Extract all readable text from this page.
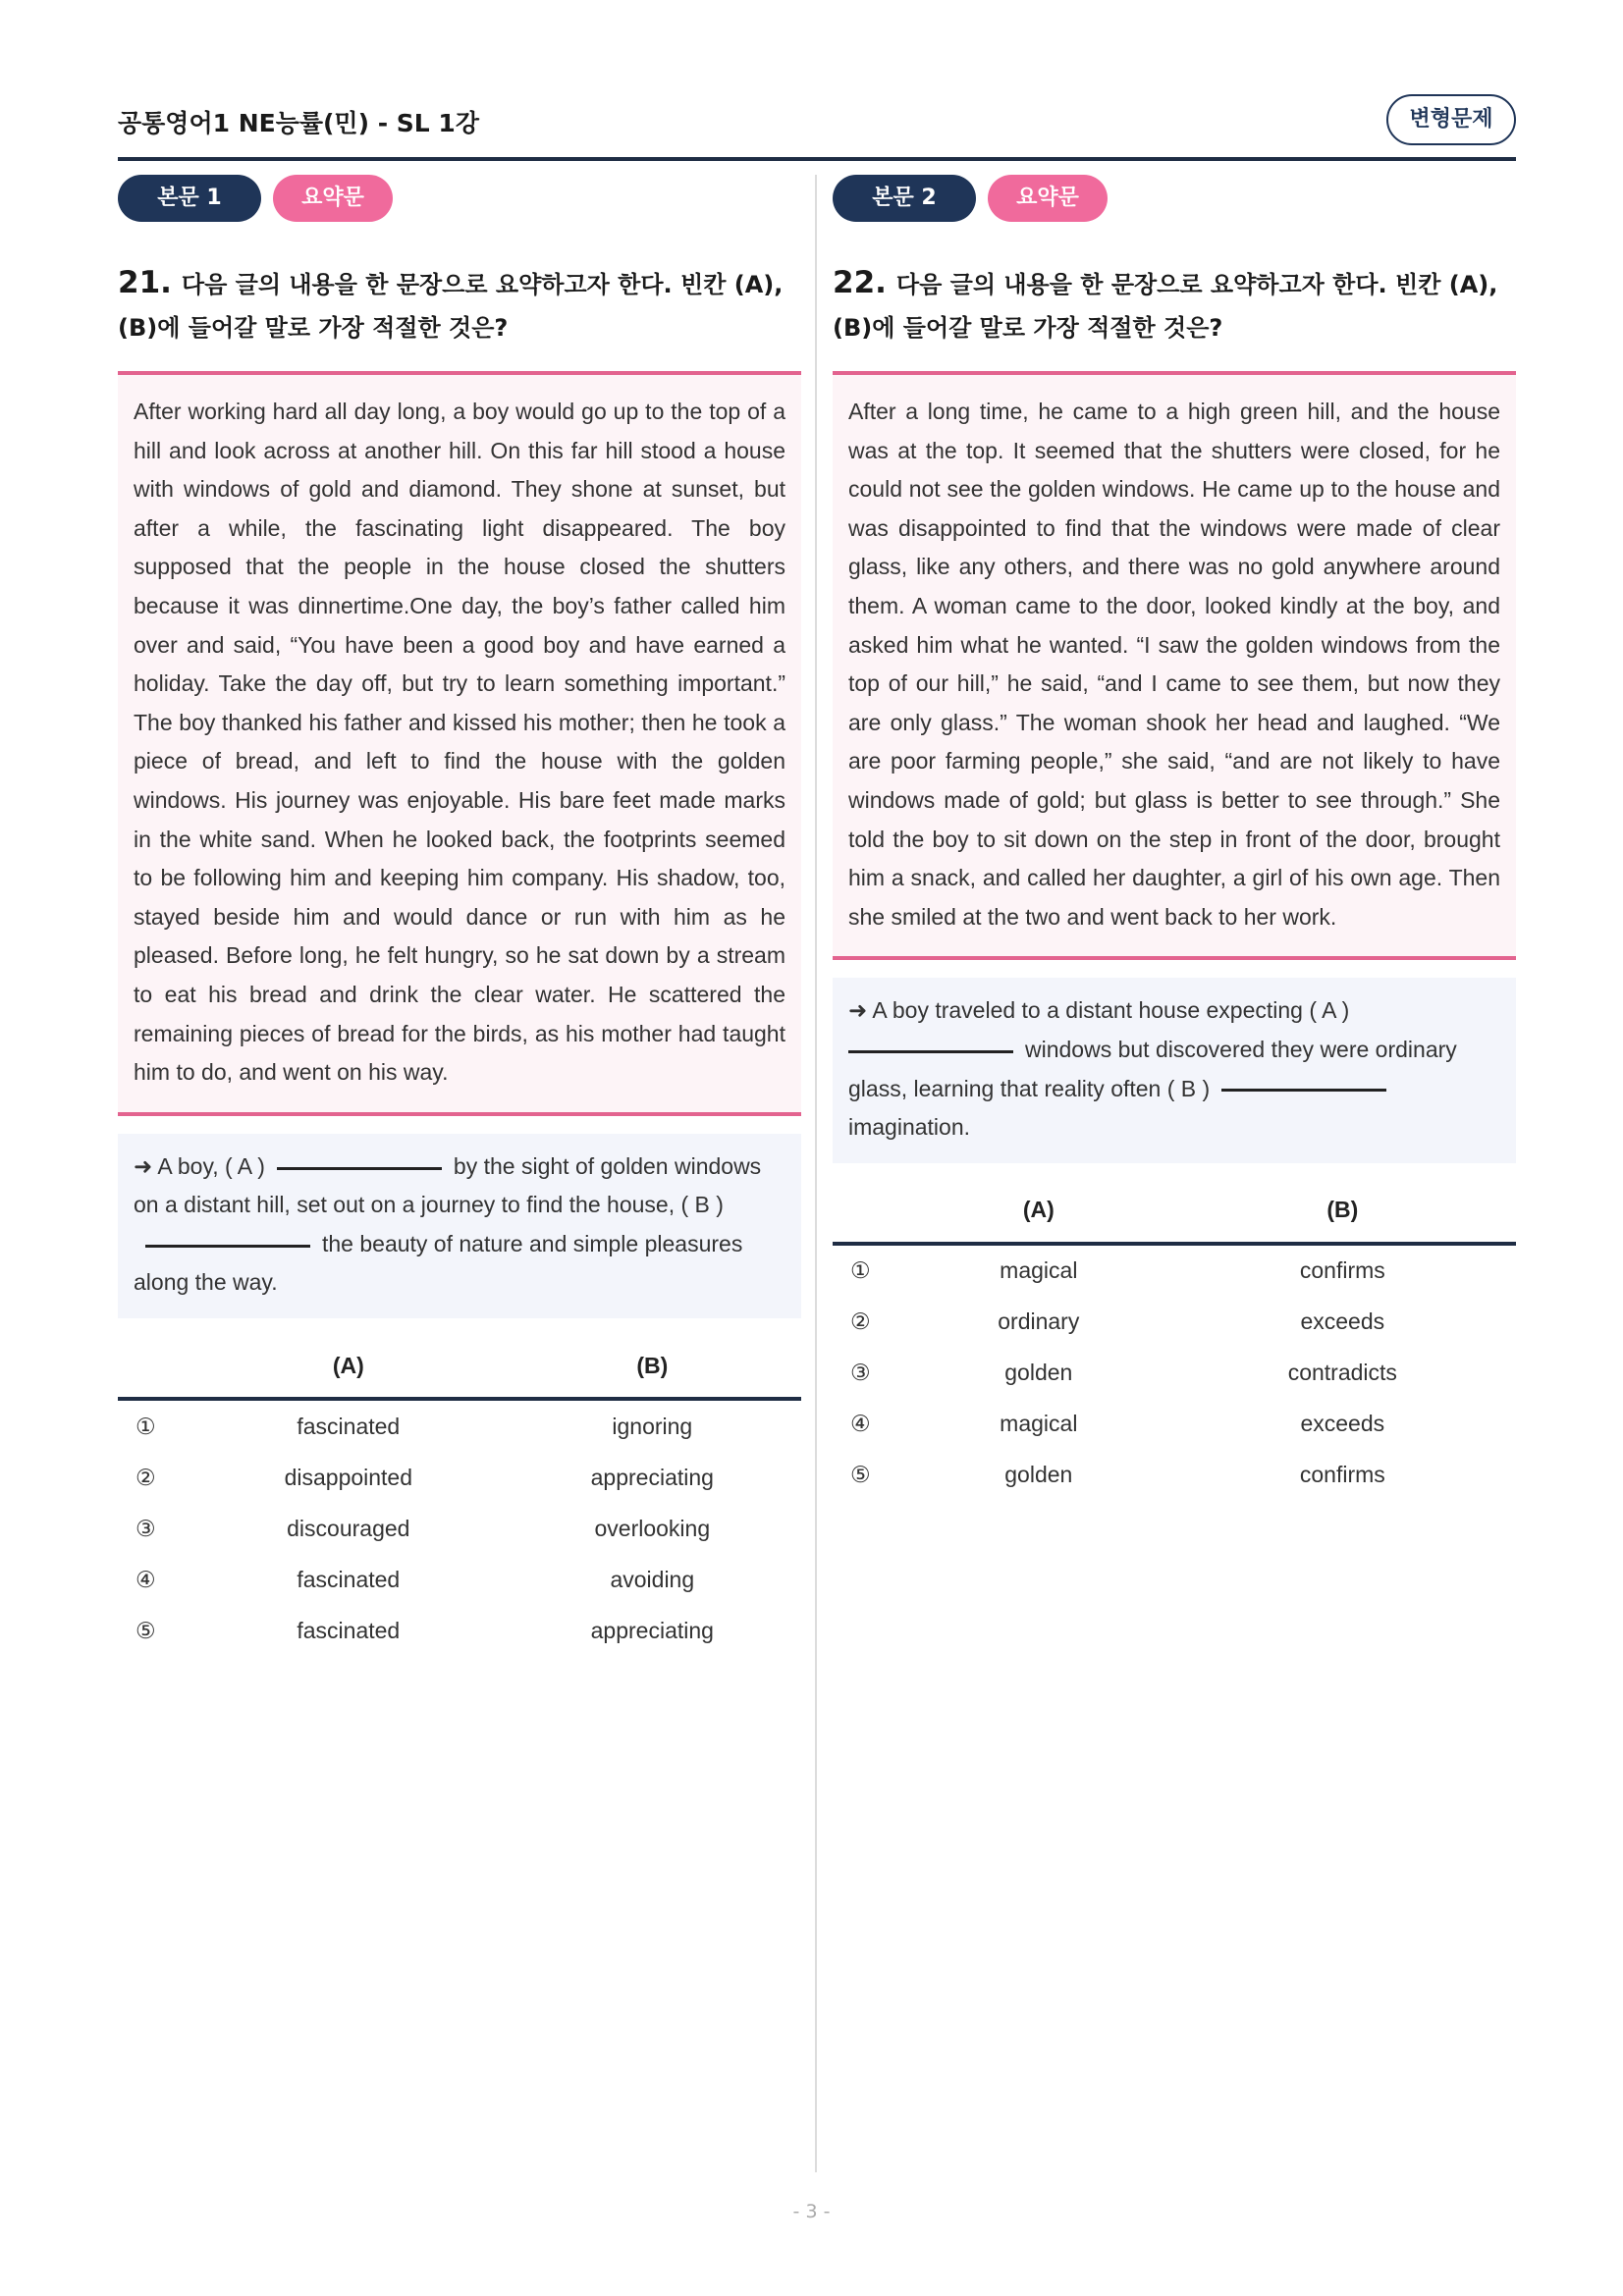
공통영어1 NE능률(민) - SL 1강	변형문제
본문 1	요약문
21. 다음 글의 내용을 한 문장으로 요약하고자 한다. 빈칸 (A), (B)에 들어갈 말로 가장 적절한 것은?
After working hard all day long, a boy would go up to the top of a hill and look across at another hill. On this far hill stood a house with windows of gold and diamond. They shone at sunset, but after a while, the fascinating light disappeared. The boy supposed that the people in the house closed the shutters because it was dinnertime.One day, the boy’s father called him over and said, “You have been a good boy and have earned a holiday. Take the day off, but try to learn something important.” The boy thanked his father and kissed his mother; then he took a piece of bread, and left to find the house with the golden windows. His journey was enjoyable. His bare feet made marks in the white sand. When he looked back, the footprints seemed to be following him and keeping him company. His shadow, too, stayed beside him and would dance or run with him as he pleased. Before long, he felt hungry, so he sat down by a stream to eat his bread and drink the clear water. He scattered the remaining pieces of bread for the birds, as his mother had taught him to do, and went on his way.
➜ A boy, ( A )	by the sight of golden windows on a distant hill, set out on a journey to find the house, ( B )the beauty of nature and simple pleasures along the way.
	(A)	(B)
①	fascinated	ignoring
②	disappointed	appreciating
③	discouraged	overlooking
④	fascinated	avoiding
⑤	fascinated	appreciating
본문 2	요약문
22. 다음 글의 내용을 한 문장으로 요약하고자 한다. 빈칸 (A), (B)에 들어갈 말로 가장 적절한 것은?
After a long time, he came to a high green hill, and the house was at the top. It seemed that the shutters were closed, for he could not see the golden windows. He came up to the house and was disappointed to find that the windows were made of clear glass, like any others, and there was no gold anywhere around them. A woman came to the door, looked kindly at the boy, and asked him what he wanted. “I saw the golden windows from the top of our hill,” he said, “and I came to see them, but now they are only glass.” The woman shook her head and laughed. “We are poor farming people,” she said, “and are not likely to have windows made of gold; but glass is better to see through.” She told the boy to sit down on the step in front of the door, brought him a snack, and called her daughter, a girl of his own age. Then she smiled at the two and went back to her work.
➜ A boy traveled to a distant house expecting ( A )
windows but discovered they were ordinary glass, learning that reality often ( B )imagination.
	(A)	(B)
①	magical	confirms
②	ordinary	exceeds
③	golden	contradicts
④	magical	exceeds
⑤	golden	confirms
- 3 -
